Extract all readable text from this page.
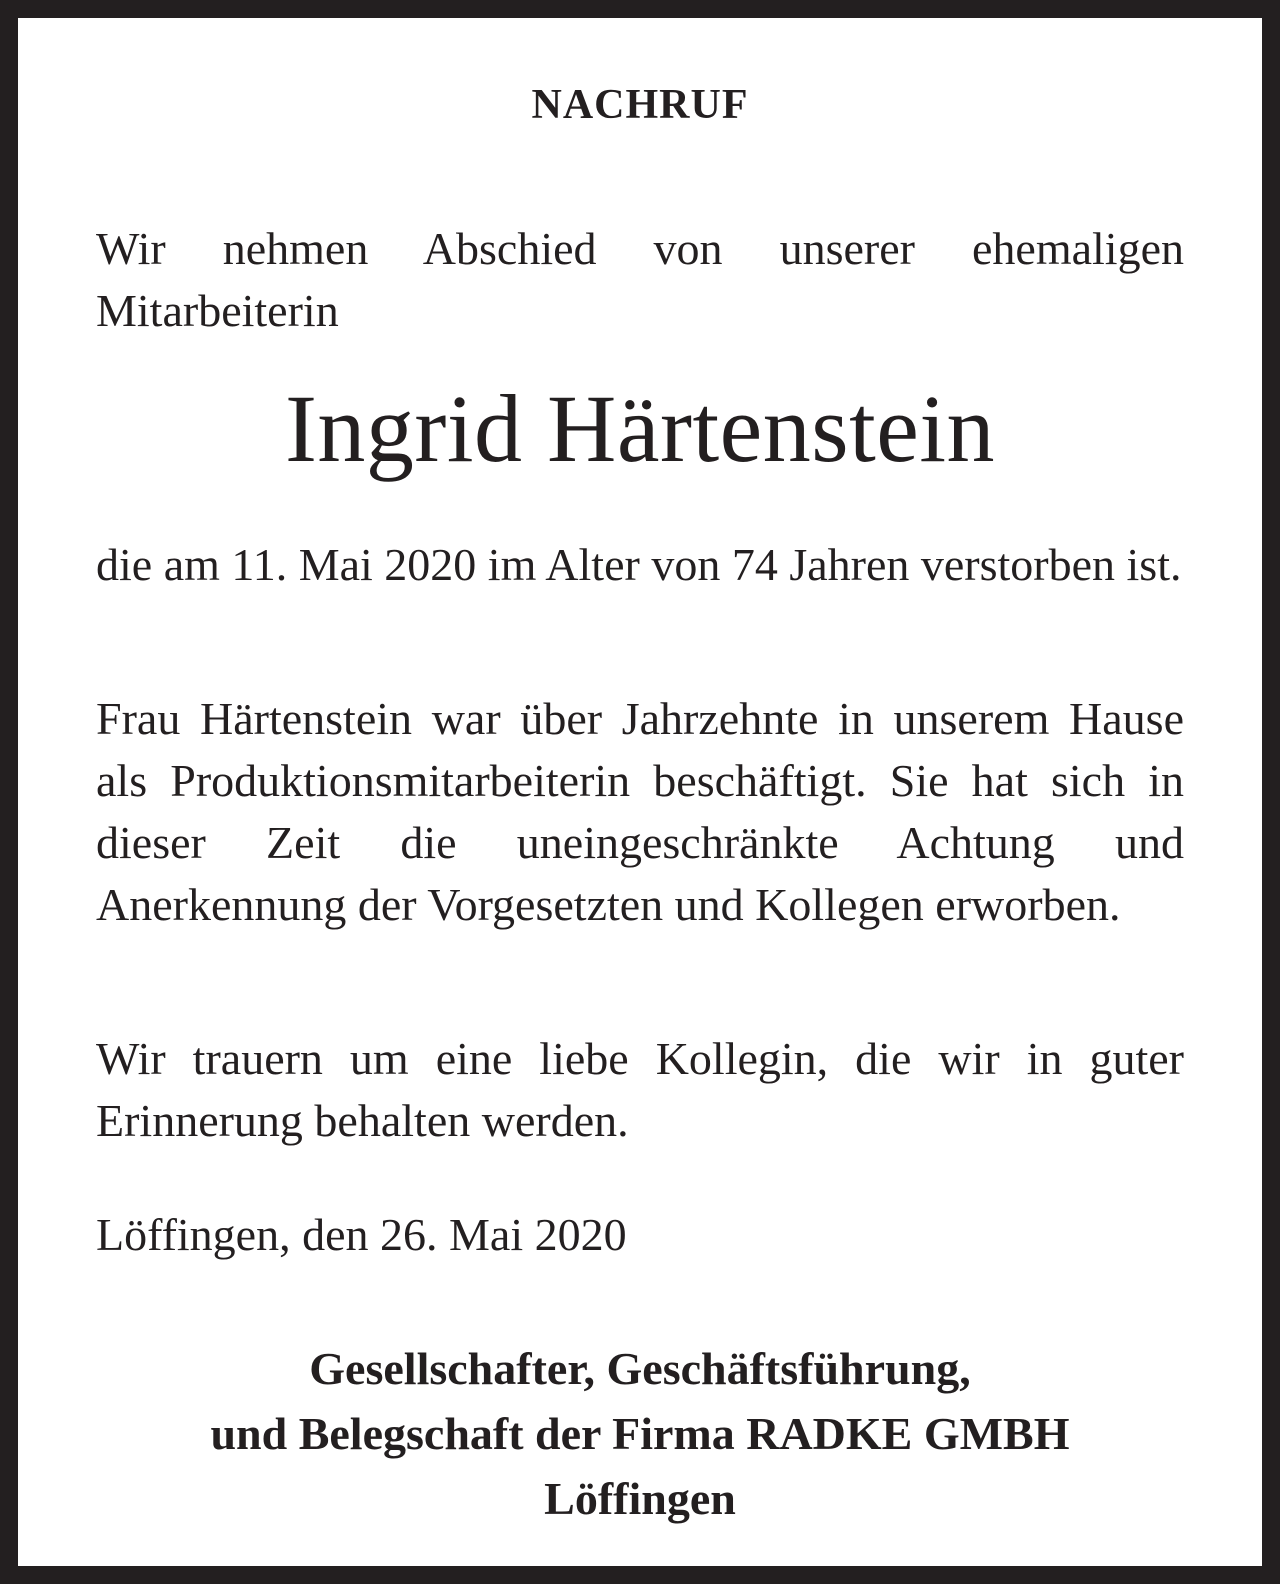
NACHRUF

Wir nehmen Abschied von unserer ehemaligen Mitarbeiterin

Ingrid Härtenstein

die am 11. Mai 2020 im Alter von 74 Jahren verstorben ist.

Frau Härtenstein war über Jahrzehnte in unserem Hause als Produktionsmitarbeiterin beschäftigt. Sie hat sich in dieser Zeit die uneingeschränkte Achtung und Anerkennung der Vorgesetzten und Kollegen erworben.

Wir trauern um eine liebe Kollegin, die wir in guter Erinnerung behalten werden.

Löffingen, den 26. Mai 2020

Gesellschafter, Geschäftsführung,
und Belegschaft der Firma RADKE GMBH
Löffingen
